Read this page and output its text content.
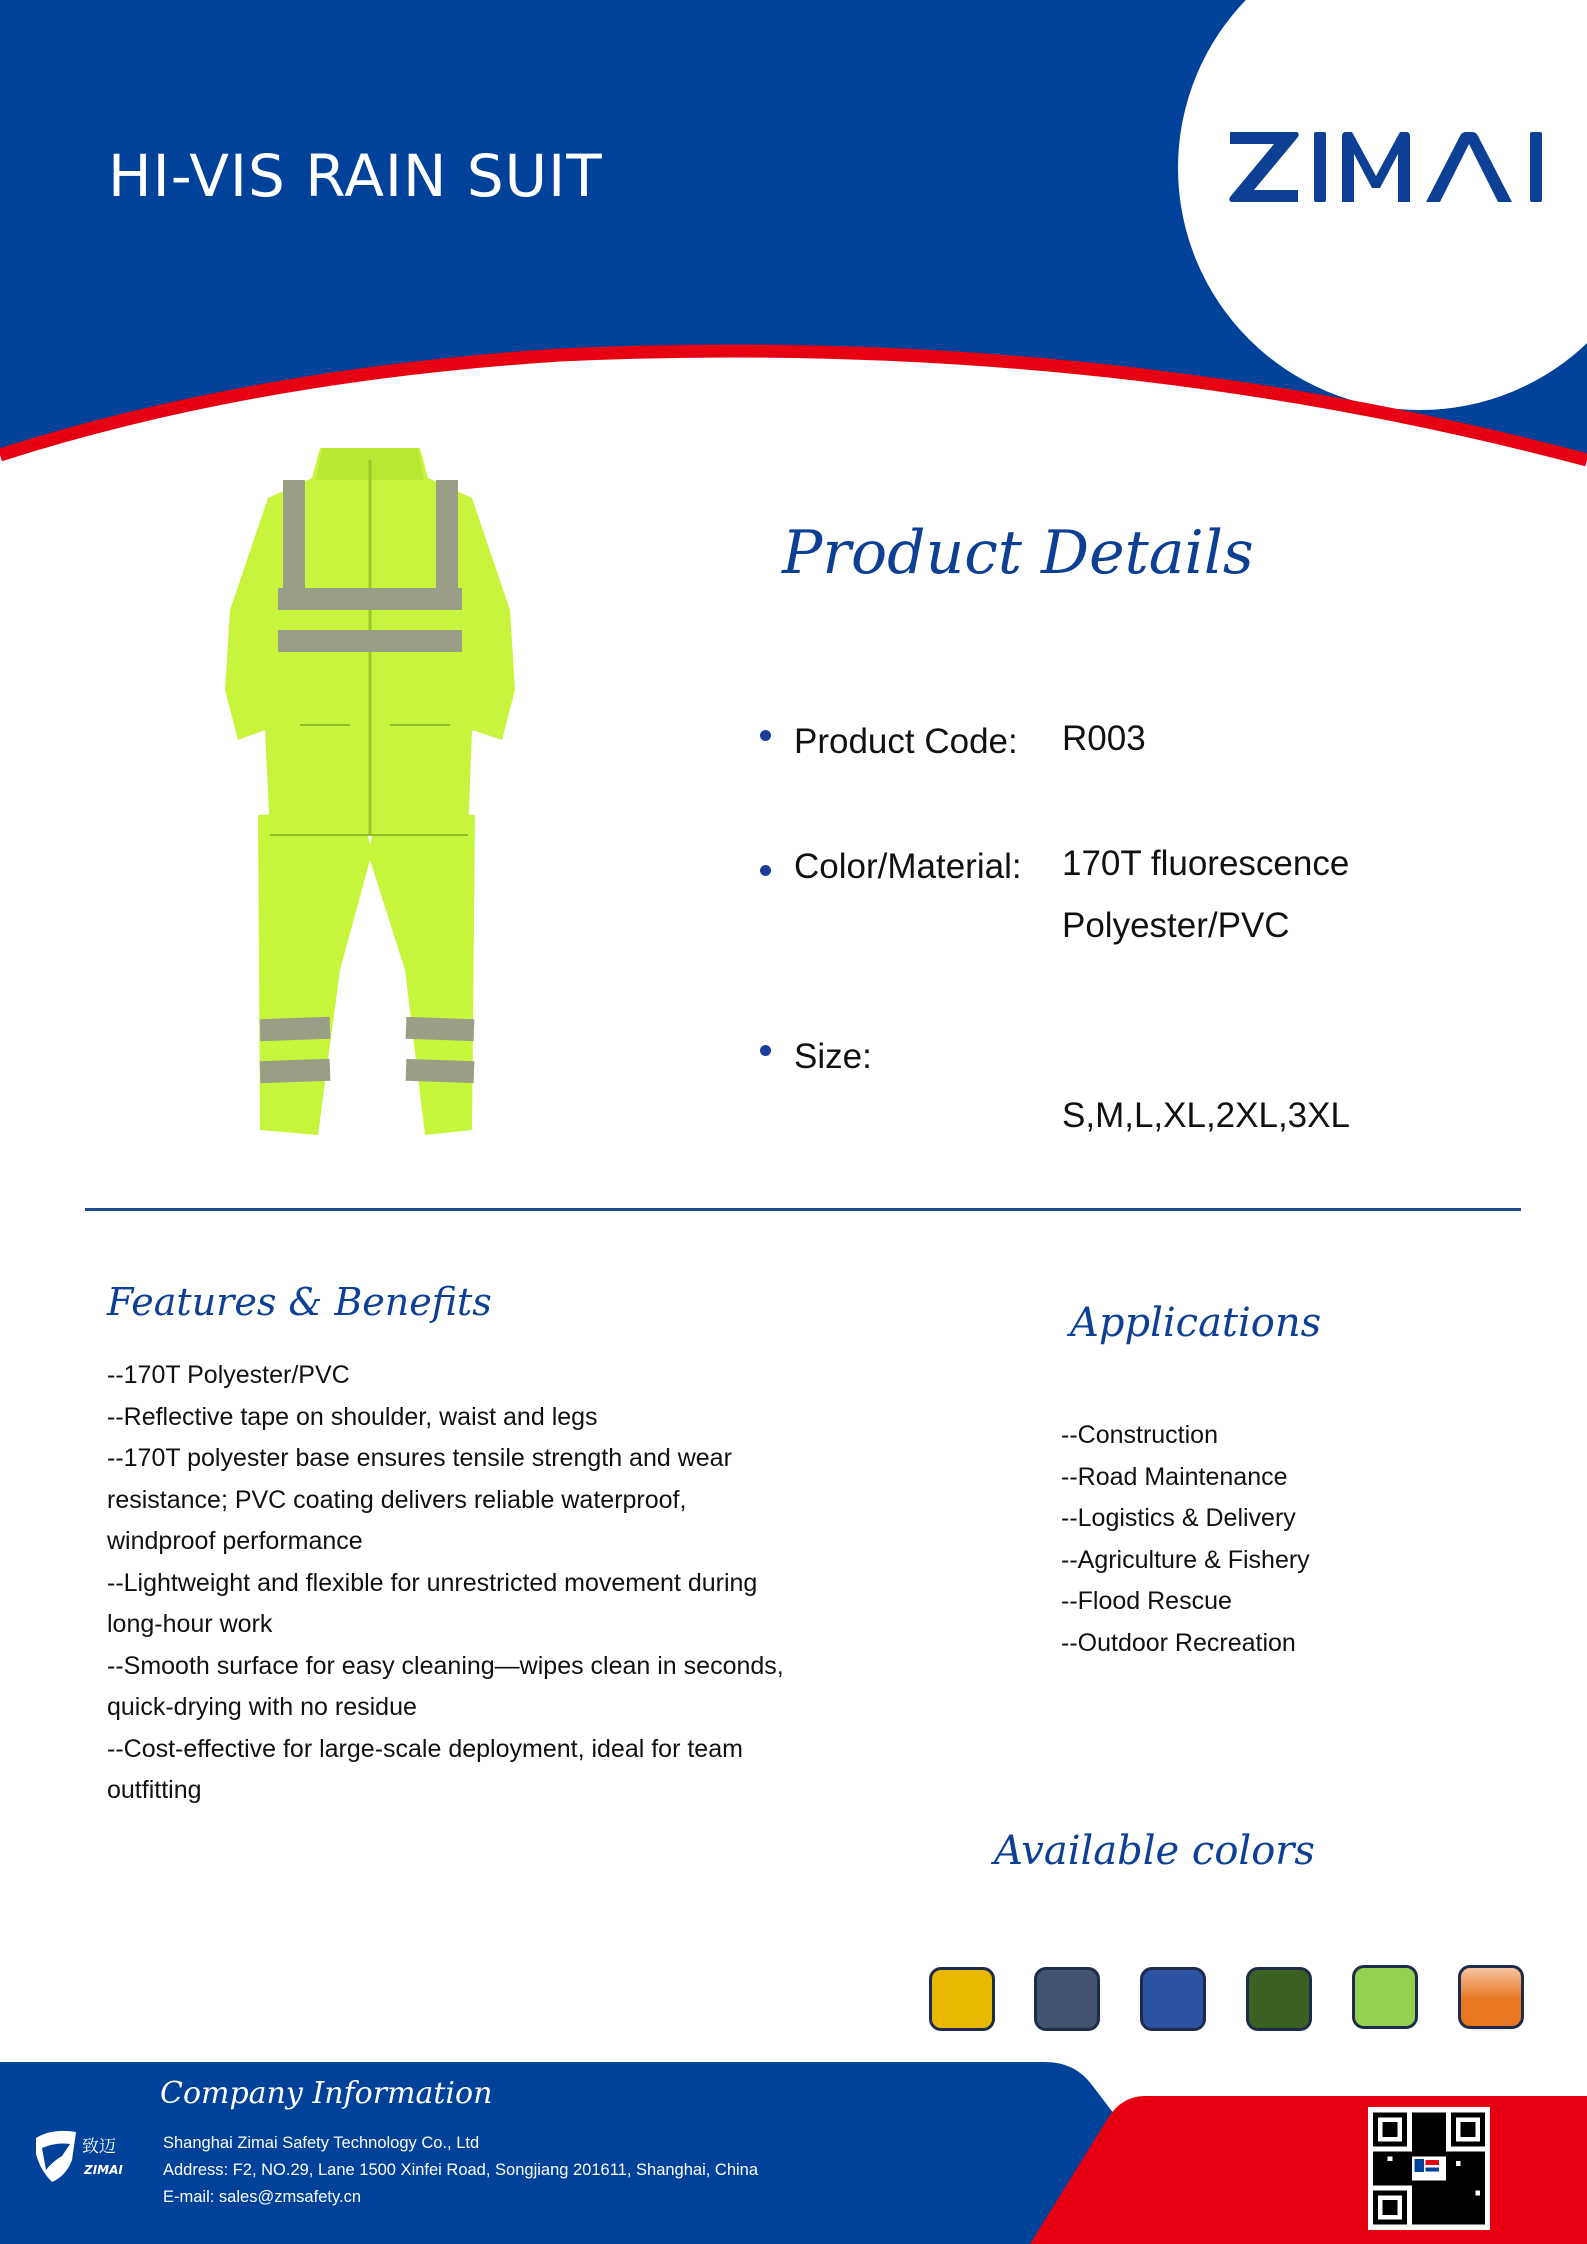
HI-VIS RAIN SUIT
Product Details
Product Code: R003
Color/Material: 170T fluorescence
Polyester/PVC
Size:
S,M,L,XL,2XL,3XL
Features & Benefits
--170T Polyester/PVC
--Reflective tape on shoulder, waist and legs
--170T polyester base ensures tensile strength and wear
resistance; PVC coating delivers reliable waterproof,
windproof performance
--Lightweight and flexible for unrestricted movement during
long-hour work
--Smooth surface for easy cleaning—wipes clean in seconds,
quick-drying with no residue
--Cost-effective for large-scale deployment, ideal for team
outfitting
Applications
--Construction
--Road Maintenance
--Logistics & Delivery
--Agriculture & Fishery
--Flood Rescue
--Outdoor Recreation
Available colors
Company Information
致迈
ZIMAI
Shanghai Zimai Safety Technology Co., Ltd
Address: F2, NO.29, Lane 1500 Xinfei Road, Songjiang 201611, Shanghai, China
E-mail: sales@zmsafety.cn
